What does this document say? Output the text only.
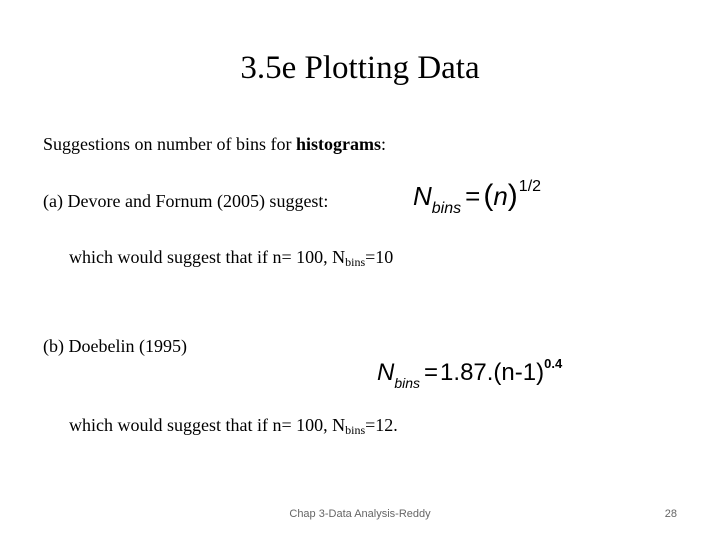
3.5e Plotting Data
Suggestions on number of bins for histograms:
(a) Devore and Fornum (2005) suggest:	$N_{bins} = (n)^{1/2}$
which would suggest that if n= 100, $N_{bins}=10$
(b) Doebelin (1995)
$N_{bins} =1.87.(n-1)^{0.4}$
which would suggest that if n= 100, $N_{bins}=12$.
Chap 3-Data Analysis-Reddy	28
